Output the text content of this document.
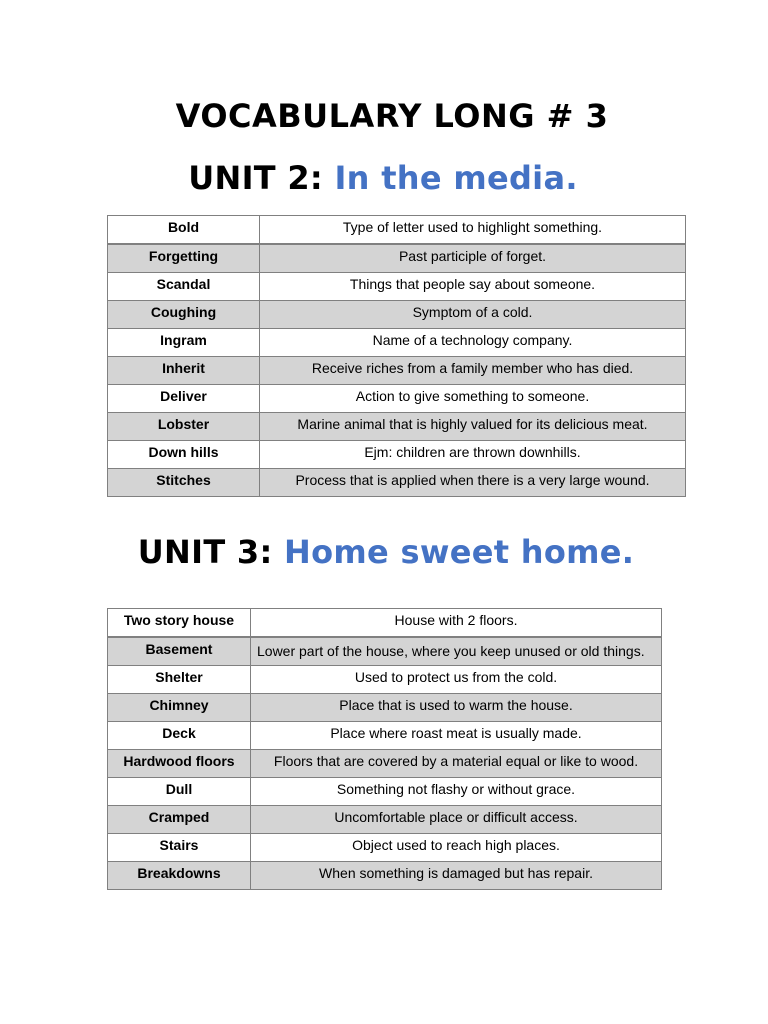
VOCABULARY LONG # 3
UNIT 2: In the media.
Bold	Type of letter used to highlight something.
Forgetting	Past participle of forget.
Scandal	Things that people say about someone.
Coughing	Symptom of a cold.
Ingram	Name of a technology company.
Inherit	Receive riches from a family member who has died.
Deliver	Action to give something to someone.
Lobster	Marine animal that is highly valued for its delicious meat.
Down hills	Ejm: children are thrown downhills.
Stitches	Process that is applied when there is a very large wound.
UNIT 3: Home sweet home.
Two story house	House with 2 floors.
Basement	Lower part of the house, where you keep unused or old things.
Shelter	Used to protect us from the cold.
Chimney	Place that is used to warm the house.
Deck	Place where roast meat is usually made.
Hardwood floors	Floors that are covered by a material equal or like to wood.
Dull	Something not flashy or without grace.
Cramped	Uncomfortable place or difficult access.
Stairs	Object used to reach high places.
Breakdowns	When something is damaged but has repair.
